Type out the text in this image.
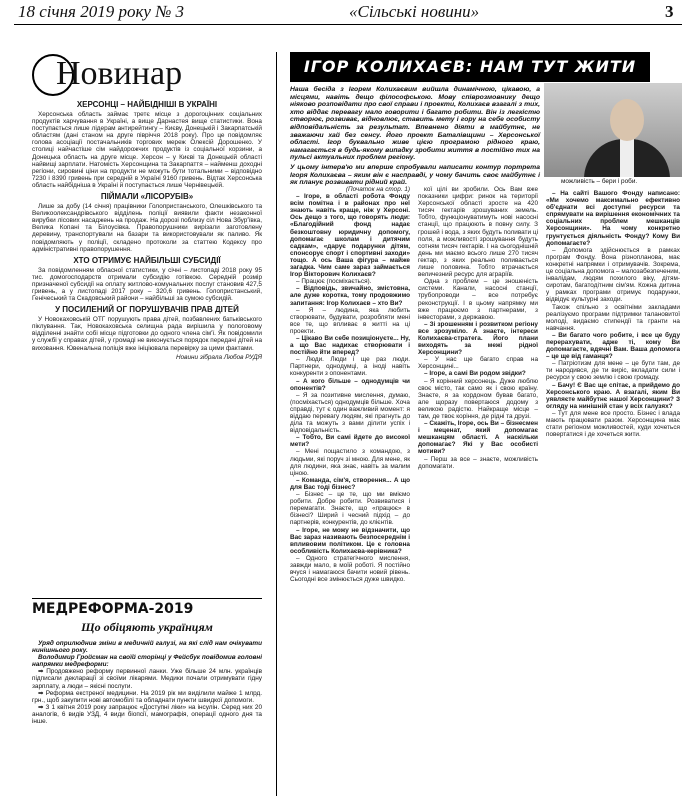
18 січня 2019 року № 3	«Сільські новини»	3
Новинар
ХЕРСОНЦІ – НАЙБІДНІШІ В УКРАЇНІ

Херсонська область займає третє місце з дорогоцінних соціальних продуктів харчування в Україні, а вище Дарнастея вище статистики. Вона поступається лише лідерам антирейтингу – Києву, Донецькій і Закарпатській областям (дані станом на друге півріччя 2018 року). Про це повідомляє голова асоціації постачальників торгових мереж Олексій Дорошенко. У столиці найчастіше сім найдорожчих продуктів із соціальної корзини, а Донецька область на друге місце. Херсон – у Києві та Донецькій області найвищі зарплати. Натомість Херсонщина та Закарпаття – найменш доходні регіони, сировині ціни на продукти не можуть бути тотальними – відповідно 7230 і 8390 гривень при середній в Україні 9160 гривень. Відтак Херсонська область найбідніша в Україні й поступається лише Чернівецькій.

ПІЙМАЛИ «ЛІСОРУБІВ»

Лише за добу (14 січня) працівники Голопристанського, Олешківського та Великоолександрівського відділень поліції виявили факти незаконної вирубки лісових насаджень на продаж. На дорозі поблизу сіл Нова Збур'ївка, Велика Копані та Білоусівка. Правопорушники вирізали заготовлену деревину, транспортували на базари та використовували як паливо. Як повідомляють у поліції, складено протоколи за статтею Кодексу про адміністративні правопорушення.

ХТО ОТРИМУЄ НАЙБІЛЬШІ СУБСИДІЇ

За повідомленням обласної статистики, у січні – листопаді 2018 року 95 тис. домогосподарств отримали субсидію готівкою. Середній розмір призначеної субсидії на оплату житлово-комунальних послуг становив 427,5 гривень, а у листопаді 2017 року – 320,6 гривень. Голопристанський, Генічеський та Скадовський райони – найбільші за сумою субсидій.

У ПОСИЛЕНИЙ ОГ ПОРУШУВАЧІВ ПРАВ ДІТЕЙ

У Новокаховській ОТГ порушують права дітей, позбавлених батьківського піклування. Так, Новокаховська селищна рада вирішила у пологовому відділенні знайти собі місце підготовки до одного члена сім'ї. Як повідомили у службі у справах дітей, у громаді не виконується порядок передачі дітей на виховання. Ювенальна поліція вже ініціювала перевірку за цими фактами.

Новини зібрала Любов РУДЯ
МЕДРЕФОРМА-2019
Що обіцяють українцям

Уряд оприлюднив зміни в медичній галузі, на які слід нам очікувати нинішнього року.

Володимир Гройсман на своїй сторінці у Фейсбук повідомив головні напрямки медреформи:

➡ Продовжено реформу первинної ланки. Уже більше 24 млн. українців підписали декларації зі своїми лікарями. Медики почали отримувати гідну зарплату, а люди – якісні послуги.

➡ Реформа екстреної медицини. На 2019 рік ми виділили майже 1 млрд. грн., щоб закупити нові автомобілі та обладнати пункти швидкої допомоги.

➡ З 1 квітня 2019 року запрацює «Доступні ліки» на інсулін. Серед них 20 аналогів, 6 видів УЗД, 4 види біопсії, мамографія, операції одного дня та інше.

ІГОР КОЛИХАЄВ: НАМ ТУТ ЖИТИ
Наша бесіда з Ігорем Колихаєвим вийшла динамічною, цікавою, а місцями, навіть дещо філософською. Мову співрозмовнику дещо ніяково розповідати про свої справи і проекти, Колихаєв взагалі з тих, хто віддає перевагу мало говорити і багато робити. Він із легкістю створює, розвиває, відновлює, ставить мету і гору на себе особисту відповідальність за результат. Впевнено діяти в майбутнє, не зважаючи хай без сенсу. Його проект Баталівщини – Херсонської області. Ігор буквально живе цією програмою рідного краю, намагається в будь-якому випадку зробити життя в постійно тих на пульсі актуальних проблем регіону.
У цьому інтерв'ю ми вперше спробували написати контур портрета Ігоря Колихаєва – яким він є насправді, у чому бачить своє майбутнє і як планує розвивати рідний край.	можливість – бери і роби.

(Початок на стор. 1)

– Ігоре, в області робота Фонду всім помітна і в районах про неї знають навіть краще, ніж у Херсоні. Ось дещо з того, що говорять люди: «Благодійний фонд надає безкоштовну юридичну допомогу, допомагає школам і дитячим садкам», «дарує подарунки дітям, спонсорує спорт і спортивні заходи» тощо. А ось Ваша фігура – майже загадка. Чим саме зараз займається Ігор Вікторович Колихаєв?

– Працює (посміхається).

– Відповідь, звичайно, змістовна, але дуже коротка, тому продовжимо запитання: Ігор Колихаєв – хто Ви?

– Я – людина, яка любить створювати, будувати, розробляти мені все те, що впливає в житті на ці проекти.

– Цікаво Ви себе позиціонуєте... Ну, а що Вас надихає створювати і постійно йти вперед?

– Люди. Люди і ще раз люди. Партнери, однодумці, а іноді навіть конкуренти з опонентами.

– А кого більше – однодумців чи опонентів?

– Я за позитивне мислення, думаю, (посміхається) однодумців більше. Хоча справді, тут є один важливий момент: я віддаю перевагу людям, які прагнуть до діла та можуть з вами ділити успіх і відповідальність.

– Тобто, Ви самі йдете до високої мети?

– Мені пощастило з командою, з людьми, які поруч зі мною. Для мене, як для людини, яка знає, навіть за малим ціною.

– Команда, сім'я, створення... А що для Вас тоді бізнес?

– Бізнес – це те, що ми вміємо робити. Добре робити. Розвиватися і перемагати. Знаєте, що «працює» в бізнесі? Ширий і чесний підхід – до партнерів, конкурентів, до клієнтів.

– Ігоре, не можу не відзначити, що Вас зараз називають безпосереднім і впливовим політиком. Це є головна особливість Колихаєва-керівника?

– Одного стратегічного мислення, завжди мало, в моїй роботі. Я постійно вчуся і намагаюся бачити новий рівень. Сьогодні все змінюється дуже швидко.

кої цілі ви зробили. Ось Вам вже показники цифри: ринок на території Херсонської області зросте на 420 тисяч гектарів зрошуваних земель. Тобто, функціонуватимуть нові насосні станції, що працюють в повну силу. З грошей і вода, з яких будуть поливати ці поля, а можливості зрошування будуть сотням тисяч гектарів. І на сьогоднішній день ми маємо всього лише 270 тисяч гектар, з яких реально поливається лише половина. Тобто втрачається величезний ресурс для аграріїв.

Одна з проблем – це зношеність системи. Канали, насосні станції, трубопроводи – все потребує реконструкції. І в цьому напрямку ми вже працюємо з партнерами, з інвесторами, з державою.

– Зі зрошенням і розвитком регіону все зрозуміло. А знаєте, інтереси Колихаєва-стратега. Його плани виходять за межі рідної Херсонщини?

– У нас ще багато справ на Херсонщині...

– Ігоре, а самі Ви родом звідки?

– Я корінний херсонець. Дуже люблю своє місто, так само як і свою країну. Знаєте, я за кордоном бував багато, але щоразу повертаюся додому з великою радістю. Найкраще місце – там, де твоє коріння, де рідні та друзі.

– Скажіть, Ігоре, ось Ви – бізнесмен і меценат, який допомагає мешканцям області. А наскільки допомагає? Які у Вас особисті мотиви?

– Перш за все – знаєте, можливість допомагати.

– На сайті Вашого Фонду написано: «Ми хочемо максимально ефективно об'єднати всі доступні ресурси та спрямувати на вирішення економічних та соціальних проблем мешканців Херсонщини». На чому конкретно грунтується діяльність Фонду? Кому Ви допомагаєте?

– Допомога здійснюється в рамках програм Фонду. Вона різнопланова, має конкретні напрямки і отримувачів. Зокрема, це соціальна допомога – малозабезпеченим, інвалідам, людям похилого віку, дітям-сиротам, багатодітним сім'ям. Кожна дитина у рамках програми отримує подарунки, відвідує культурні заходи.

Також спільно з освітніми закладами реалізуємо програми підтримки талановитої молоді, видаємо стипендії та гранти на навчання.

– Ви багато чого робите, і все це буду перерахувати, адже ті, кому Ви допомагаєте, вдячні Вам. Ваша допомога – це ще від гаманця?

– Патріотизм для мене – це бути там, де ти народився, де ти виріс, вкладати сили і ресурси у свою землю і свою громаду.

– Бачу! Є Вас ще спітає, а прийдемо до Херсонського краю. А взагалі, яким Ви уявляєте майбутнє нашої Херсонщини? З огляду на нинішній стан у всіх галузях?

– Тут для мене все просто. Бізнес і влада мають працювати разом. Херсонщина має стати регіоном можливостей, куди хочеться повертатися і де хочеться жити.
